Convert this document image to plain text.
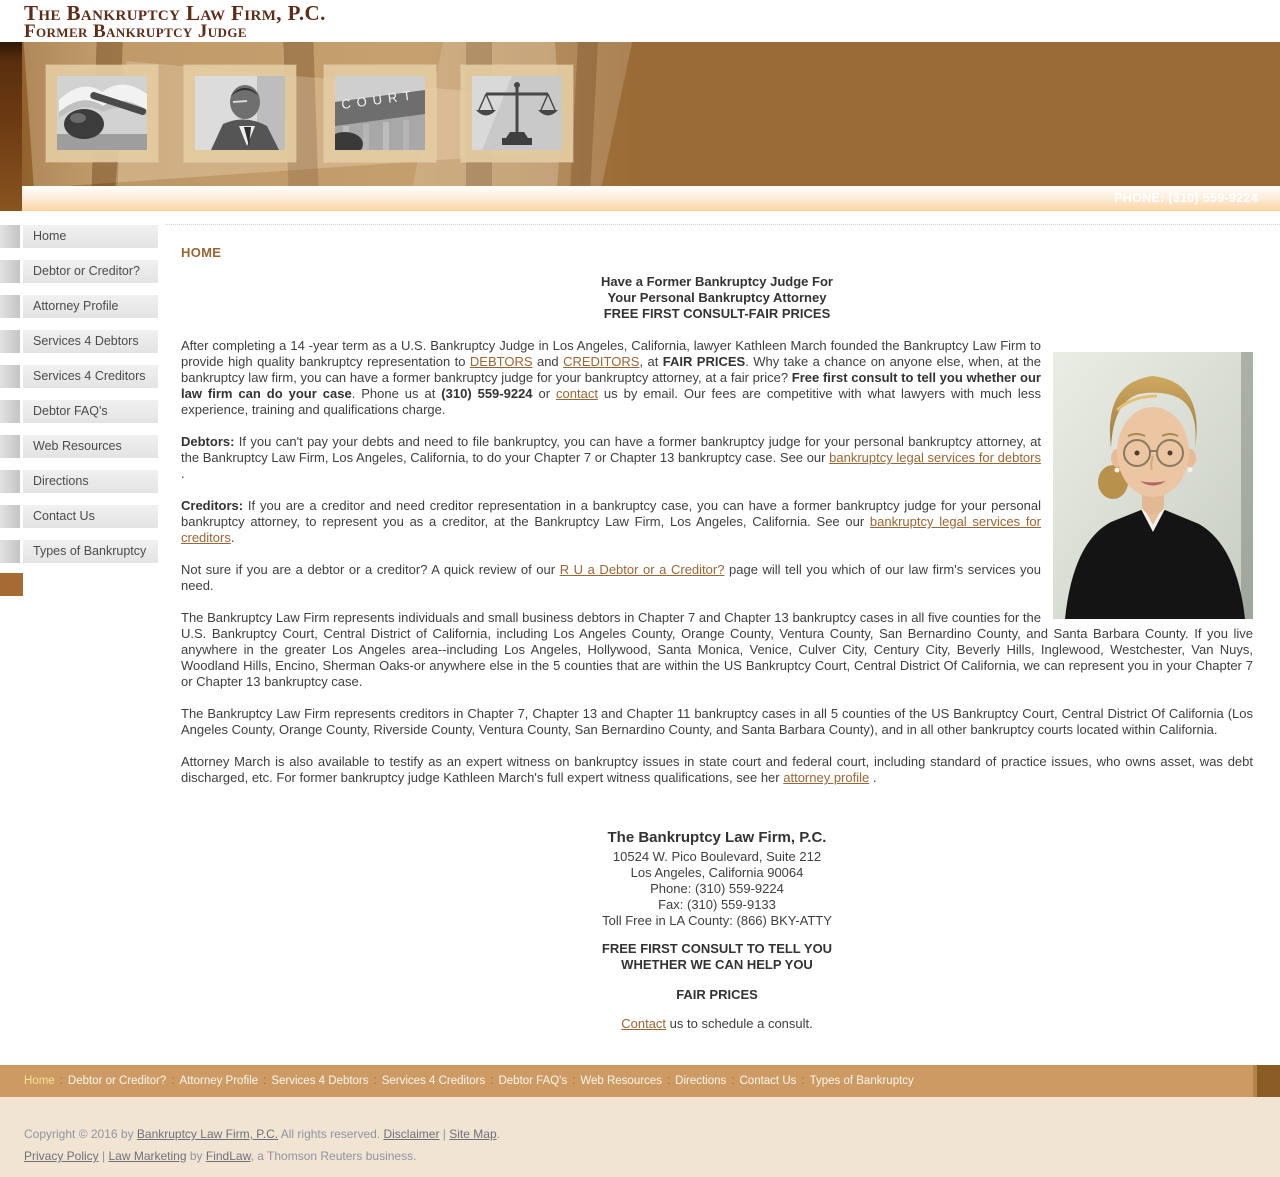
The Bankruptcy Law Firm, P.C.
Former Bankruptcy Judge
COURT
PHONE: (310) 559-9224
Home
Debtor or Creditor?
Attorney Profile
Services 4 Debtors
Services 4 Creditors
Debtor FAQ's
Web Resources
Directions
Contact Us
Types of Bankruptcy
HOME
Have a Former Bankruptcy Judge For
Your Personal Bankruptcy Attorney
FREE FIRST CONSULT-FAIR PRICES

After completing a 14 -year term as a U.S. Bankruptcy Judge in Los Angeles, California, lawyer Kathleen March founded the Bankruptcy Law Firm to provide high quality bankruptcy representation to DEBTORS and CREDITORS, at FAIR PRICES. Why take a chance on anyone else, when, at the bankruptcy law firm, you can have a former bankruptcy judge for your bankruptcy attorney, at a fair price? Free first consult to tell you whether our law firm can do your case. Phone us at (310) 559-9224 or contact us by email. Our fees are competitive with what lawyers with much less experience, training and qualifications charge.

Debtors: If you can't pay your debts and need to file bankruptcy, you can have a former bankruptcy judge for your personal bankruptcy attorney, at the Bankruptcy Law Firm, Los Angeles, California, to do your Chapter 7 or Chapter 13 bankruptcy case. See our bankruptcy legal services for debtors .

Creditors: If you are a creditor and need creditor representation in a bankruptcy case, you can have a former bankruptcy judge for your personal bankruptcy attorney, to represent you as a creditor, at the Bankruptcy Law Firm, Los Angeles, California. See our bankruptcy legal services for creditors.

Not sure if you are a debtor or a creditor? A quick review of our R U a Debtor or a Creditor? page will tell you which of our law firm's services you need.

The Bankruptcy Law Firm represents individuals and small business debtors in Chapter 7 and Chapter 13 bankruptcy cases in all five counties for the U.S. Bankruptcy Court, Central District of California, including Los Angeles County, Orange County, Ventura County, San Bernardino County, and Santa Barbara County. If you live anywhere in the greater Los Angeles area--including Los Angeles, Hollywood, Santa Monica, Venice, Culver City, Century City, Beverly Hills, Inglewood, Westchester, Van Nuys, Woodland Hills, Encino, Sherman Oaks-or anywhere else in the 5 counties that are within the US Bankruptcy Court, Central District Of California, we can represent you in your Chapter 7 or Chapter 13 bankruptcy case.

The Bankruptcy Law Firm represents creditors in Chapter 7, Chapter 13 and Chapter 11 bankruptcy cases in all 5 counties of the US Bankruptcy Court, Central District Of California (Los Angeles County, Orange County, Riverside County, Ventura County, San Bernardino County, and Santa Barbara County), and in all other bankruptcy courts located within California.

Attorney March is also available to testify as an expert witness on bankruptcy issues in state court and federal court, including standard of practice issues, who owns asset, was debt discharged, etc. For former bankruptcy judge Kathleen March's full expert witness qualifications, see her attorney profile .

The Bankruptcy Law Firm, P.C.
10524 W. Pico Boulevard, Suite 212
Los Angeles, California 90064
Phone: (310) 559-9224
Fax: (310) 559-9133
Toll Free in LA County: (866) BKY-ATTY
FREE FIRST CONSULT TO TELL YOU
WHETHER WE CAN HELP YOU
FAIR PRICES
Contact us to schedule a consult.
Home : Debtor or Creditor? : Attorney Profile : Services 4 Debtors : Services 4 Creditors : Debtor FAQ's : Web Resources : Directions : Contact Us : Types of Bankruptcy

Copyright © 2016 by Bankruptcy Law Firm, P.C. All rights reserved. Disclaimer | Site Map.

Privacy Policy | Law Marketing by FindLaw, a Thomson Reuters business.
